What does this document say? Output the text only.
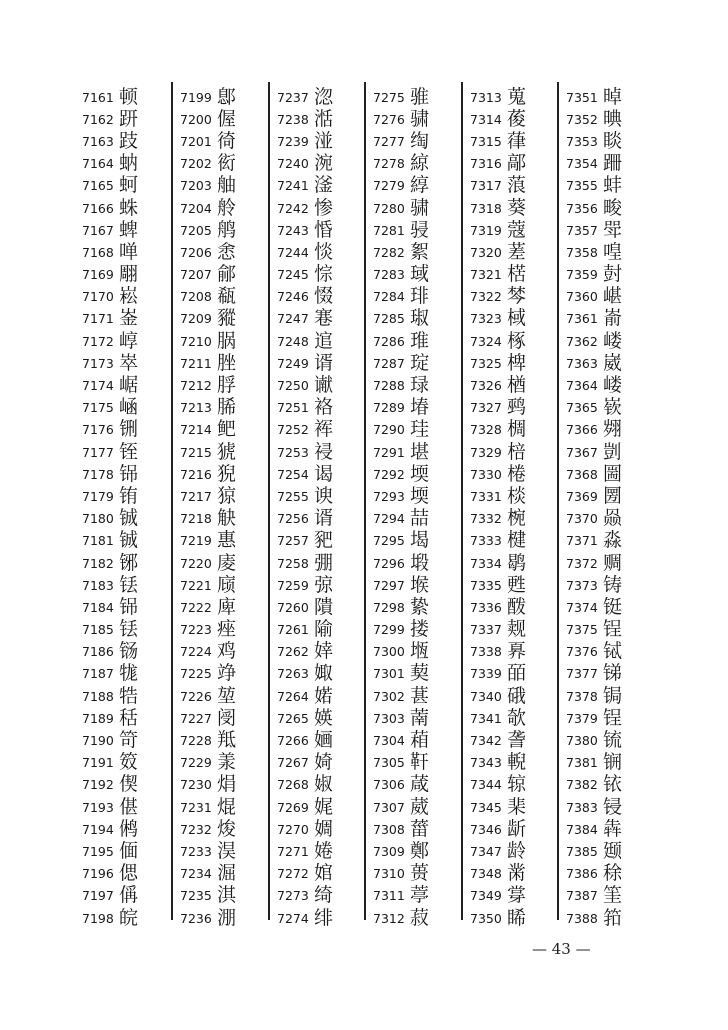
7161 顿
7162 趼
7163 跂
7164 蚋
7165 蚵
7166 蛛
7167 蜱
7168 啴
7169 翢
7170 崧
7171 崟
7172 崞
7173 崒
7174 崌
7175 崡
7176 铏
7177 铚
7178 铞
7179 铕
7180 铖
7181 铖
7182 铘
7183 铥
7184 铞
7185 铥
7186 铴
7187 牻
7188 牿
7189 秳
7190 笴
7191 笯
7192 偰
7193 偡
7194 鸺
7195 偭
7196 偲
7197 偁
7198 皖
7199 鄎
7200 偓
7201 徛
7202 衒
7203 舳
7204 舲
7205 鸼
7206 悆
7207 鄃
7208 瓻
7209 豵
7210 脶
7211 脞
7212 脬
7213 脪
7214 鲃
7215 猇
7216 猊
7217 猄
7218 觖
7219 惠
7220 庱
7221 庼
7222 庳
7223 痤
7224 鸡
7225 竫
7226 堃
7227 阌
7228 羝
7229 羕
7230 焆
7231 焜
7232 焌
7233 淏
7234 淈
7235 淇
7236 淜
7237 淴
7238 湉
7239 湴
7240 涴
7241 滏
7242 惨
7243 惛
7244 惔
7245 悰
7246 惙
7247 寋
7248 逭
7249 谞
7250 谳
7251 袼
7252 裈
7253 祲
7254 谒
7255 谀
7256 谞
7257 豝
7258 弸
7259 弶
7260 隤
7261 隃
7262 婞
7263 娵
7264 婼
7265 媖
7266 婳
7267 婍
7268 婌
7269 娓
7270 婤
7271 婘
7272 婠
7273 绮
7274 绯
7275 骓
7276 骕
7277 绹
7278 綡
7279 綧
7280 骕
7281 骎
7282 絮
7283 琙
7284 琲
7285 琡
7286 琟
7287 琔
7288 琭
7289 堾
7290 珪
7291 堪
7292 堧
7293 堧
7294 喆
7295 堨
7296 塅
7297 堠
7298 絷
7299 搂
7300 堩
7301 葜
7302 葚
7303 萳
7304 葙
7305 靬
7306 葴
7307 葳
7308 葘
7309 鄭
7310 蒉
7311 葶
7312 菽
7313 蒐
7314 葰
7315 葎
7316 鄗
7317 蒗
7318 葵
7319 蔻
7320 蒫
7321 楛
7322 棽
7323 棫
7324 椓
7325 椑
7326 楢
7327 鹀
7328 椆
7329 棓
7330 棬
7331 棪
7332 椀
7333 楗
7334 鹖
7335 甦
7336 酦
7337 觌
7338 奡
7339 皕
7340 硪
7341 欹
7342 詟
7343 輗
7344 辌
7345 棐
7346 龂
7347 龄
7348 黹
7349 牚
7350 睎
7351 晫
7352 晪
7353 睒
7354 跚
7355 蚌
7356 畯
7357 斝
7358 喤
7359 尌
7360 嵁
7361 嵛
7362 嵝
7363 崴
7364 嵝
7365 嵚
7366 翙
7367 剴
7368 圌
7369 圐
7370 赑
7371 淼
7372 赒
7373 铸
7374 铤
7375 锃
7376 铽
7377 锑
7378 锔
7379 锃
7380 锍
7381 锎
7382 铱
7383 锓
7384 犇
7385 颋
7386 稌
7387 筀
7388 筘
— 43 —
